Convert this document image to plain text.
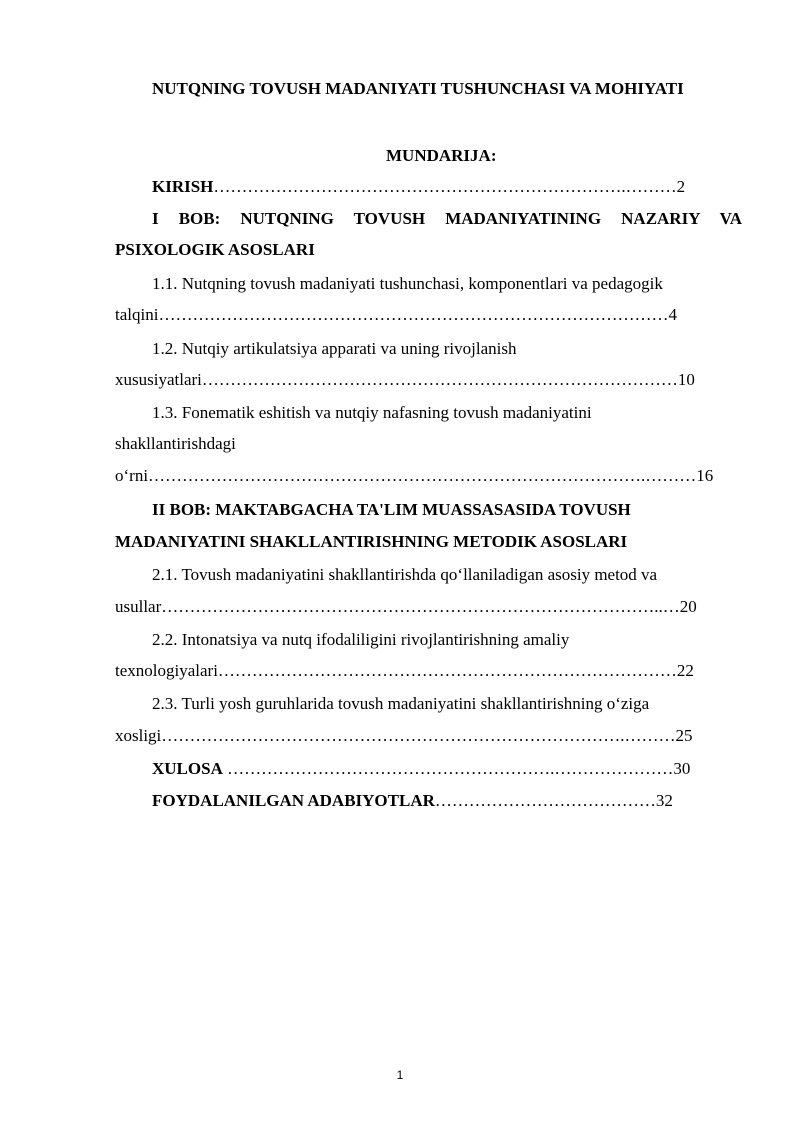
NUTQNING TOVUSH MADANIYATI TUSHUNCHASI VA MOHIYATI
MUNDARIJA:
KIRISH……………………………………………………………….………2
I BOB: NUTQNING TOVUSH MADANIYATINING NAZARIY VA
PSIXOLOGIK ASOSLARI
1.1. Nutqning tovush madaniyati tushunchasi, komponentlari va pedagogik
talqini………………………………………………………………………………4
1.2. Nutqiy artikulatsiya apparati va uning rivojlanish
xususiyatlari…………………………………………………………………………10
1.3. Fonematik eshitish va nutqiy nafasning tovush madaniyatini
shakllantirishdagi
o‘rni…………………………………………………………………………….………16
II BOB: MAKTABGACHA TA'LIM MUASSASASIDA TOVUSH
MADANIYATINI SHAKLLANTIRISHNING METODIK ASOSLARI
2.1. Tovush madaniyatini shakllantirishda qo‘llaniladigan asosiy metod va
usullar……………………………………………………………………………..…20
2.2. Intonatsiya va nutq ifodaliligini rivojlantirishning amaliy
texnologiyalari………………………………………………………………………22
2.3. Turli yosh guruhlarida tovush madaniyatini shakllantirishning o‘ziga
xosligi……………………………………………………………………….………25
XULOSA ………………………………………………….…………………30
FOYDALANILGAN ADABIYOTLAR…………………………………32
1
